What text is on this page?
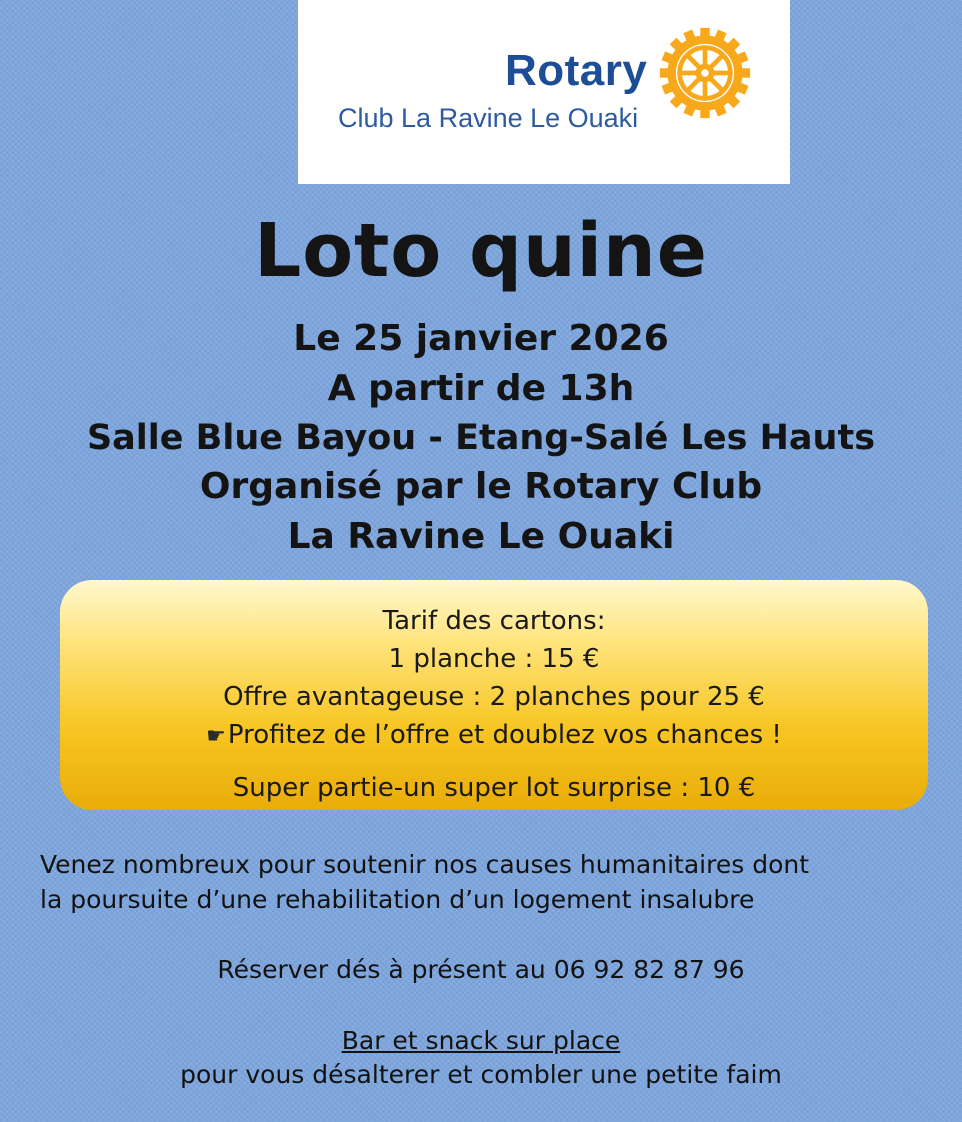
Rotary
Club La Ravine Le Ouaki
Loto quine
Le 25 janvier 2026
A partir de 13h
Salle Blue Bayou - Etang-Salé Les Hauts
Organisé par le Rotary Club
La Ravine Le Ouaki
Tarif des cartons:
1 planche : 15 €
Offre avantageuse : 2 planches pour 25 €
☛Profitez de l’offre et doublez vos chances !
Super partie-un super lot surprise : 10 €
Venez nombreux pour soutenir nos causes humanitaires dont
la poursuite d’une rehabilitation d’un logement insalubre
Réserver dés à présent au 06 92 82 87 96
Bar et snack sur place
pour vous désalterer et combler une petite faim
